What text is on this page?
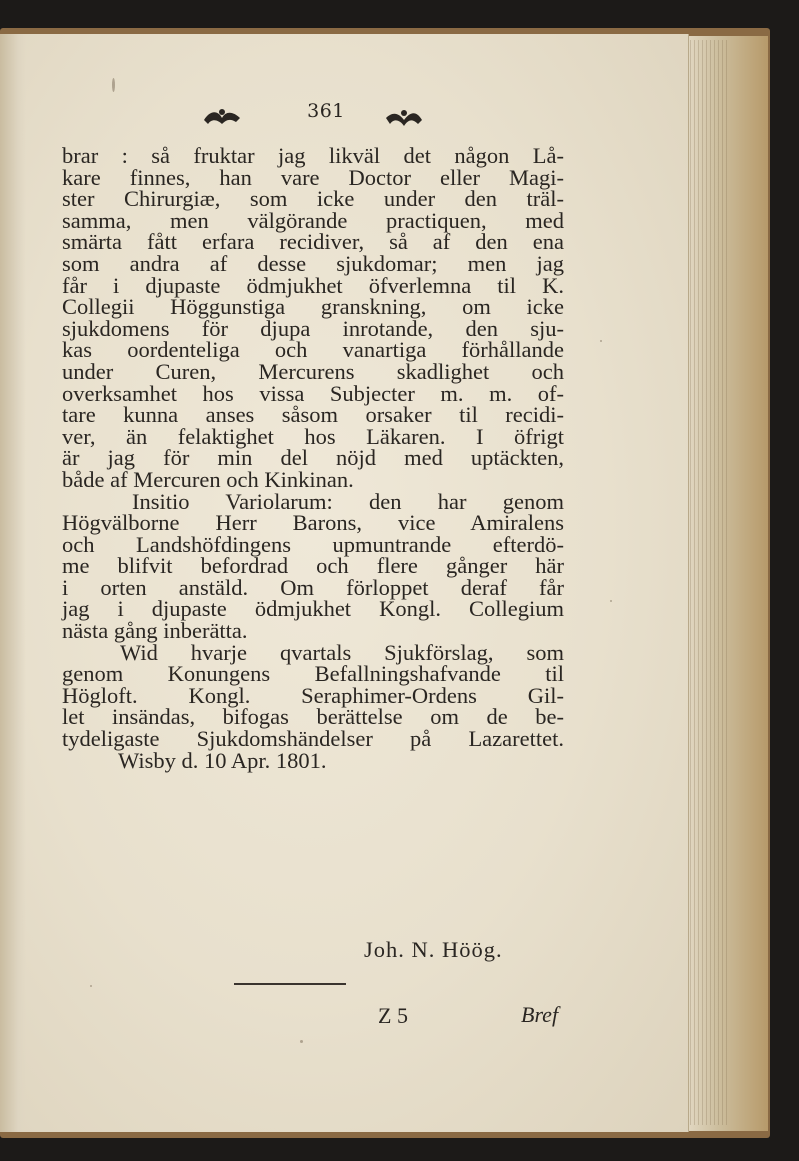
361
brar : så fruktar jag likväl det någon Lå-
kare finnes, han vare Doctor eller Magi-
ster Chirurgiæ, som icke under den träl-
samma, men välgörande practiquen, med
smärta fått erfara recidiver, så af den ena
som andra af desse sjukdomar; men jag
får i djupaste ödmjukhet öfverlemna til K.
Collegii Höggunstiga granskning, om icke
sjukdomens för djupa inrotande, den sju-
kas oordenteliga och vanartiga förhållande
under Curen, Mercurens skadlighet och
overksamhet hos vissa Subjecter m. m. of-
tare kunna anses såsom orsaker til recidi-
ver, än felaktighet hos Läkaren. I öfrigt
är jag för min del nöjd med uptäckten,
både af Mercuren och Kinkinan.
Insitio Variolarum: den har genom
Högvälborne Herr Barons, vice Amiralens
och Landshöfdingens upmuntrande efterdö-
me blifvit befordrad och flere gånger här
i orten anstäld. Om förloppet deraf får
jag i djupaste ödmjukhet Kongl. Collegium
nästa gång inberätta.
Wid hvarje qvartals Sjukförslag, som
genom Konungens Befallningshafvande til
Högloft. Kongl. Seraphimer-Ordens Gil-
let insändas, bifogas berättelse om de be-
tydeligaste Sjukdomshändelser på Lazarettet.
Wisby d. 10 Apr. 1801.
Joh. N. Höög.
Z 5	Bref
